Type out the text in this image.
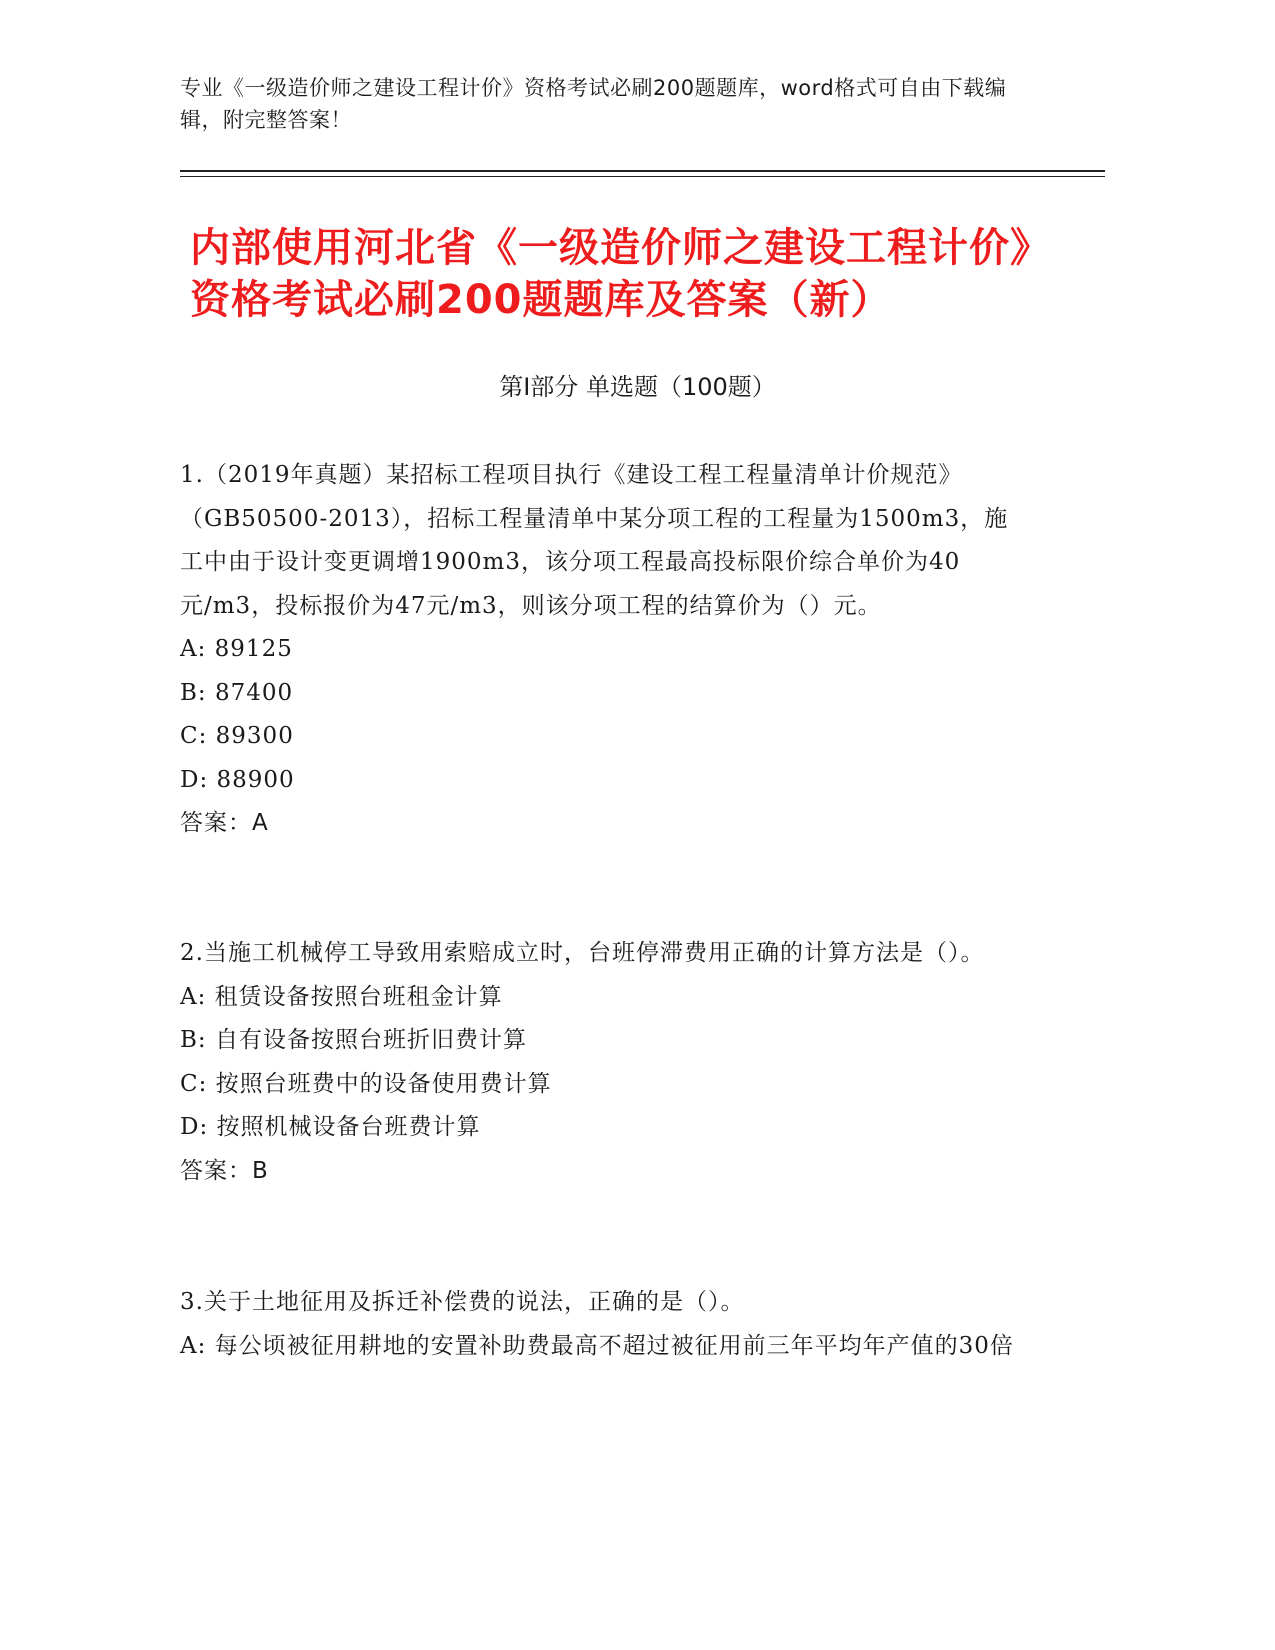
专业《一级造价师之建设工程计价》资格考试必刷200题题库，word格式可自由下载编辑，附完整答案！
内部使用河北省《一级造价师之建设工程计价》资格考试必刷200题题库及答案（新）
第Ⅰ部分 单选题（100题）

1.（2019年真题）某招标工程项目执行《建设工程工程量清单计价规范》（GB50500-2013），招标工程量清单中某分项工程的工程量为1500m3，施工中由于设计变更调增1900m3，该分项工程最高投标限价综合单价为40元/m3，投标报价为47元/m3，则该分项工程的结算价为（）元。

A: 89125

B: 87400

C: 89300

D: 88900

答案：A

2.当施工机械停工导致用索赔成立时，台班停滞费用正确的计算方法是（）。

A: 租赁设备按照台班租金计算

B: 自有设备按照台班折旧费计算

C: 按照台班费中的设备使用费计算

D: 按照机械设备台班费计算

答案：B

3.关于土地征用及拆迁补偿费的说法，正确的是（）。

A: 每公顷被征用耕地的安置补助费最高不超过被征用前三年平均年产值的30倍
